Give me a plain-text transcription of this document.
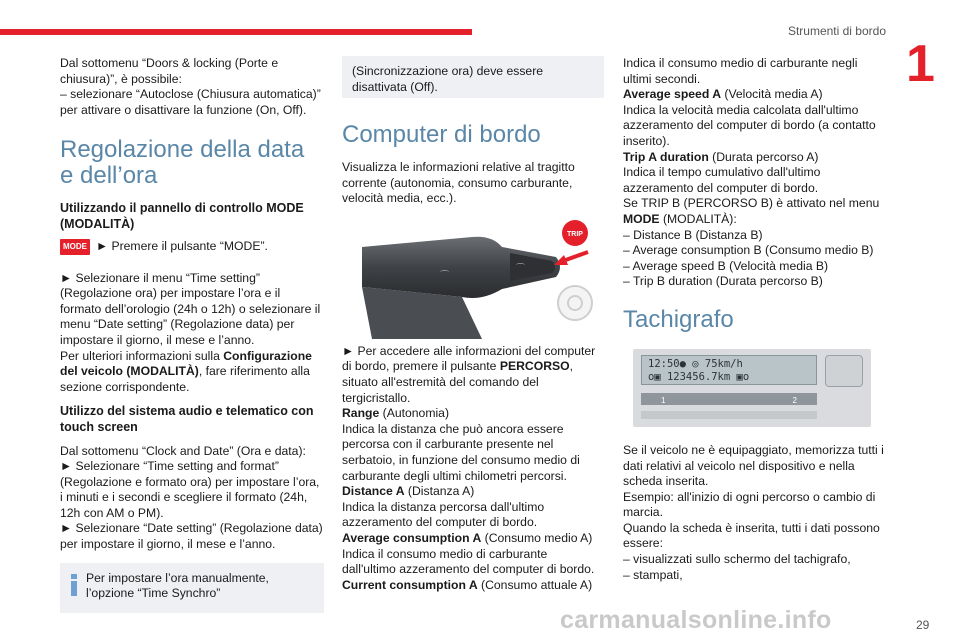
Strumenti di bordo
1

Dal sottomenu “Doors & locking (Porte e chiusura)”, è possibile:

– selezionare “Autoclose (Chiusura automatica)” per attivare o disattivare la funzione (On, Off).

Regolazione della data e dell’ora
Utilizzando il pannello di controllo MODE (MODALITÀ)
MODE ► Premere il pulsante “MODE”.

► Selezionare il menu “Time setting” (Regolazione ora) per impostare l’ora e il formato dell’orologio (24h o 12h) o selezionare il menu “Date setting” (Regolazione data) per impostare il giorno, il mese e l’anno.

Per ulteriori informazioni sulla Configurazione del veicolo (MODALITÀ), fare riferimento alla sezione corrispondente.

Utilizzo del sistema audio e telematico con touch screen

Dal sottomenu “Clock and Date” (Ora e data):

► Selezionare “Time setting and format” (Regolazione e formato ora) per impostare l’ora, i minuti e i secondi e scegliere il formato (24h, 12h con AM o PM).

► Selezionare “Date setting” (Regolazione data) per impostare il giorno, il mese e l’anno.

Per impostare l’ora manualmente, l’opzione “Time Synchro”
(Sincronizzazione ora) deve essere disattivata (Off).
Computer di bordo

Visualizza le informazioni relative al tragitto corrente (autonomia, consumo carburante, velocità media, ecc.).

⌒
⌒
TRIP

► Per accedere alle informazioni del computer di bordo, premere il pulsante PERCORSO, situato all'estremità del comando del tergicristallo.

Range (Autonomia)

Indica la distanza che può ancora essere percorsa con il carburante presente nel serbatoio, in funzione del consumo medio di carburante degli ultimi chilometri percorsi.

Distance A (Distanza A)

Indica la distanza percorsa dall'ultimo azzeramento del computer di bordo.

Average consumption A (Consumo medio A)

Indica il consumo medio di carburante dall'ultimo azzeramento del computer di bordo.

Current consumption A (Consumo attuale A)

Indica il consumo medio di carburante negli ultimi secondi.

Average speed A (Velocità media A)

Indica la velocità media calcolata dall'ultimo azzeramento del computer di bordo (a contatto inserito).

Trip A duration (Durata percorso A)

Indica il tempo cumulativo dall'ultimo azzeramento del computer di bordo.

Se TRIP B (PERCORSO B) è attivato nel menu MODE (MODALITÀ):

– Distance B (Distanza B)

– Average consumption B (Consumo medio B)

– Average speed B (Velocità media B)

– Trip B duration (Durata percorso B)

Tachigrafo
12:50● ◎ 75km/h
o▣ 123456.7km ▣o
1	2

Se il veicolo ne è equipaggiato, memorizza tutti i dati relativi al veicolo nel dispositivo e nella scheda inserita.

Esempio: all'inizio di ogni percorso o cambio di marcia.

Quando la scheda è inserita, tutti i dati possono essere:

– visualizzati sullo schermo del tachigrafo,

– stampati,

carmanualsonline.info	29
